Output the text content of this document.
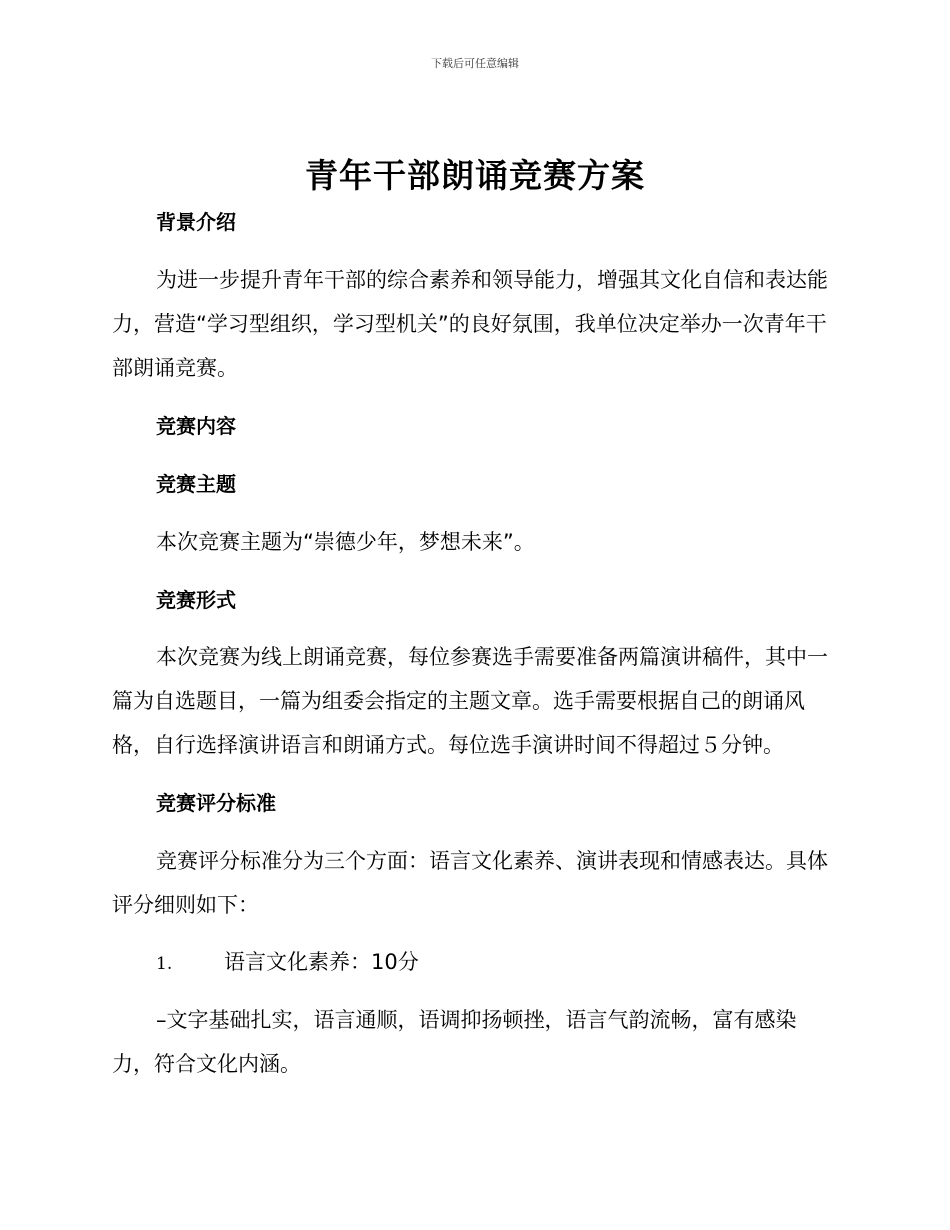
下载后可任意编辑
青年干部朗诵竞赛方案
背景介绍
为进一步提升青年干部的综合素养和领导能力，增强其文化自信和表达能力，营造“学习型组织，学习型机关”的良好氛围，我单位决定举办一次青年干部朗诵竞赛。
竞赛内容
竞赛主题
本次竞赛主题为“崇德少年，梦想未来”。
竞赛形式
本次竞赛为线上朗诵竞赛，每位参赛选手需要准备两篇演讲稿件，其中一篇为自选题目，一篇为组委会指定的主题文章。选手需要根据自己的朗诵风格，自行选择演讲语言和朗诵方式。每位选手演讲时间不得超过５分钟。
竞赛评分标准
竞赛评分标准分为三个方面：语言文化素养、演讲表现和情感表达。具体评分细则如下：
1. 语言文化素养：10分
–文字基础扎实，语言通顺，语调抑扬顿挫，语言气韵流畅，富有感染力，符合文化内涵。
